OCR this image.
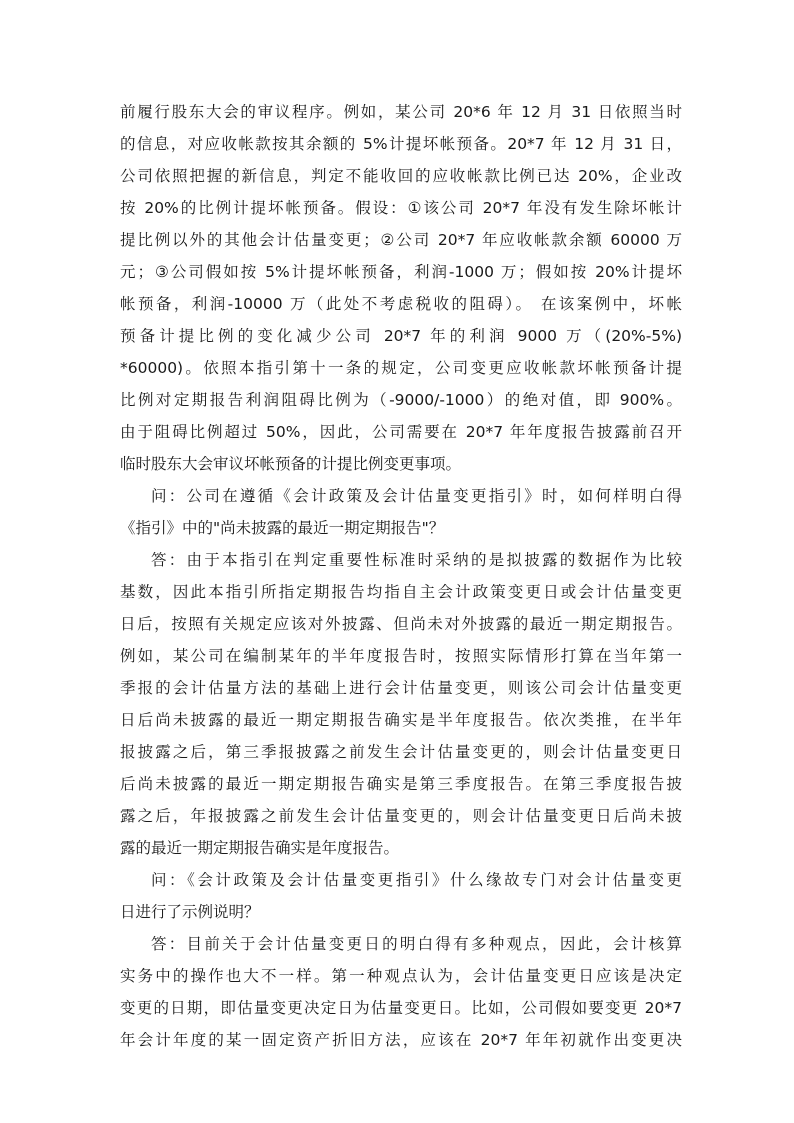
前履行股东大会的审议程序。例如，某公司 20*6 年 12 月 31 日依照当时
的信息，对应收帐款按其余额的 5%计提坏帐预备。20*7 年 12 月 31 日，
公司依照把握的新信息，判定不能收回的应收帐款比例已达 20%，企业改
按 20%的比例计提坏帐预备。假设：①该公司 20*7 年没有发生除坏帐计
提比例以外的其他会计估量变更；②公司 20*7 年应收帐款余额 60000 万
元；③公司假如按 5%计提坏帐预备，利润-1000 万；假如按 20%计提坏
帐预备，利润-10000 万（此处不考虑税收的阻碍）。 在该案例中，坏帐
预备计提比例的变化减少公司 20*7 年的利润 9000 万（(20%-5%)
*60000)。依照本指引第十一条的规定，公司变更应收帐款坏帐预备计提
比例对定期报告利润阻碍比例为（-9000/-1000）的绝对值，即 900%。
由于阻碍比例超过 50%，因此，公司需要在 20*7 年年度报告披露前召开
临时股东大会审议坏帐预备的计提比例变更事项。
问：公司在遵循《会计政策及会计估量变更指引》时，如何样明白得
《指引》中的"尚未披露的最近一期定期报告"？
答：由于本指引在判定重要性标准时采纳的是拟披露的数据作为比较
基数，因此本指引所指定期报告均指自主会计政策变更日或会计估量变更
日后，按照有关规定应该对外披露、但尚未对外披露的最近一期定期报告。
例如，某公司在编制某年的半年度报告时，按照实际情形打算在当年第一
季报的会计估量方法的基础上进行会计估量变更，则该公司会计估量变更
日后尚未披露的最近一期定期报告确实是半年度报告。依次类推，在半年
报披露之后，第三季报披露之前发生会计估量变更的，则会计估量变更日
后尚未披露的最近一期定期报告确实是第三季度报告。在第三季度报告披
露之后，年报披露之前发生会计估量变更的，则会计估量变更日后尚未披
露的最近一期定期报告确实是年度报告。
问：《会计政策及会计估量变更指引》什么缘故专门对会计估量变更
日进行了示例说明？
答：目前关于会计估量变更日的明白得有多种观点，因此，会计核算
实务中的操作也大不一样。第一种观点认为，会计估量变更日应该是决定
变更的日期，即估量变更决定日为估量变更日。比如，公司假如要变更 20*7
年会计年度的某一固定资产折旧方法，应该在 20*7 年年初就作出变更决
